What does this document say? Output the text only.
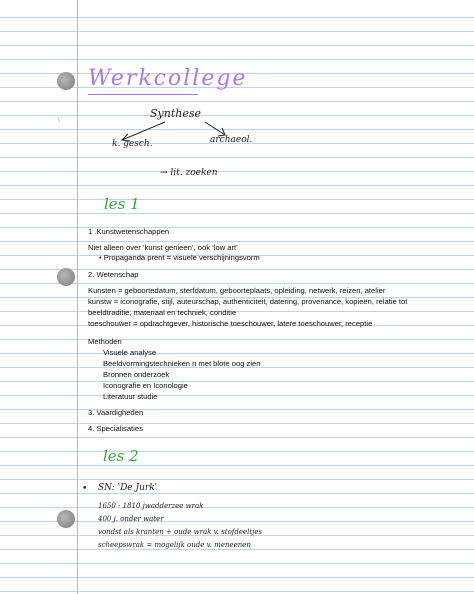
\
Werkcollege
Synthese
k. gesch.	archaeol.
→ lit. zoeken
les 1
1 .Kunstwetenschappen
Niet alleen over ‘kunst genieen’, ook ‘low art’
• Propaganda prent = visuele verschijningsvorm
2. Wetenschap
Kunsten = geboortedatum, sterfdatum, geboorteplaats, opleiding, netwerk, reizen, atelier
kunstw = iconografie, stijl, auteurschap, authenticiteit, datering, provenance, kopieën, relatie tot
beeldtraditie, materiaal en techniek, conditie
toeschouwer = opdrachtgever, historische toeschouwer, latere toeschouwer, receptie
Methoden
Visuele analyse
Beeldvormingstechnieken n met blote oog zien
Bronnen onderzoek
Iconografie en Iconologie
Literatuur studie
3. Vaardigheden
4. Specialisaties
les 2
• SN: 'De Jurk'
1650 - 1810 jwadderzee wrak
400 j. onder water
vondst als kranten + oude wrak v. stofdeeltjes
scheepswrak = mogelijk oude v. meneenen
